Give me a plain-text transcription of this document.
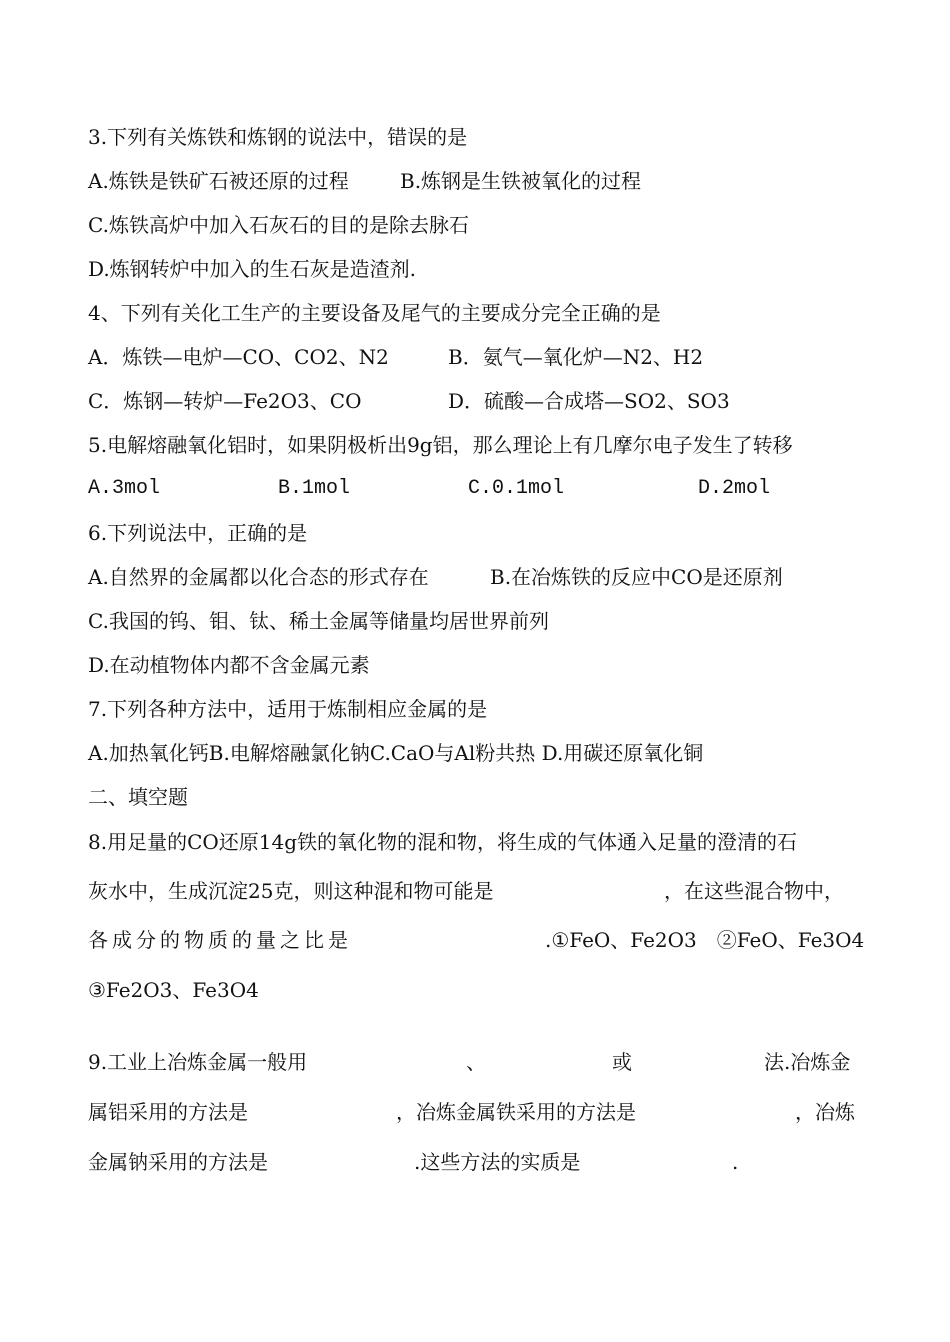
3.下列有关炼铁和炼钢的说法中，错误的是
A.炼铁是铁矿石被还原的过程	B.炼钢是生铁被氧化的过程
C.炼铁高炉中加入石灰石的目的是除去脉石
D.炼钢转炉中加入的生石灰是造渣剂.
4、下列有关化工生产的主要设备及尾气的主要成分完全正确的是
A．炼铁—电炉—CO、CO2、N2	B．氨气—氧化炉—N2、H2
C．炼钢—转炉—Fe2O3、CO	D．硫酸—合成塔—SO2、SO3
5.电解熔融氧化铝时，如果阴极析出9g铝，那么理论上有几摩尔电子发生了转移
A.3mol	B.1mol	C.0.1mol	D.2mol
6.下列说法中，正确的是
A.自然界的金属都以化合态的形式存在	B.在冶炼铁的反应中CO是还原剂
C.我国的钨、钼、钛、稀土金属等储量均居世界前列
D.在动植物体内都不含金属元素
7.下列各种方法中，适用于炼制相应金属的是
A.加热氧化钙B.电解熔融氯化钠C.CaO与Al粉共热 D.用碳还原氧化铜
二、填空题
8.用足量的CO还原14g铁的氧化物的混和物，将生成的气体通入足量的澄清的石
灰水中，生成沉淀25克，则这种混和物可能是	，在这些混合物中，
各成分的物质的量之比是	.①FeO、Fe2O3　②FeO、Fe3O4
③Fe2O3、Fe3O4
9.工业上冶炼金属一般用	、	或	法.冶炼金
属铝采用的方法是	，冶炼金属铁采用的方法是	，冶炼
金属钠采用的方法是	.这些方法的实质是	.
